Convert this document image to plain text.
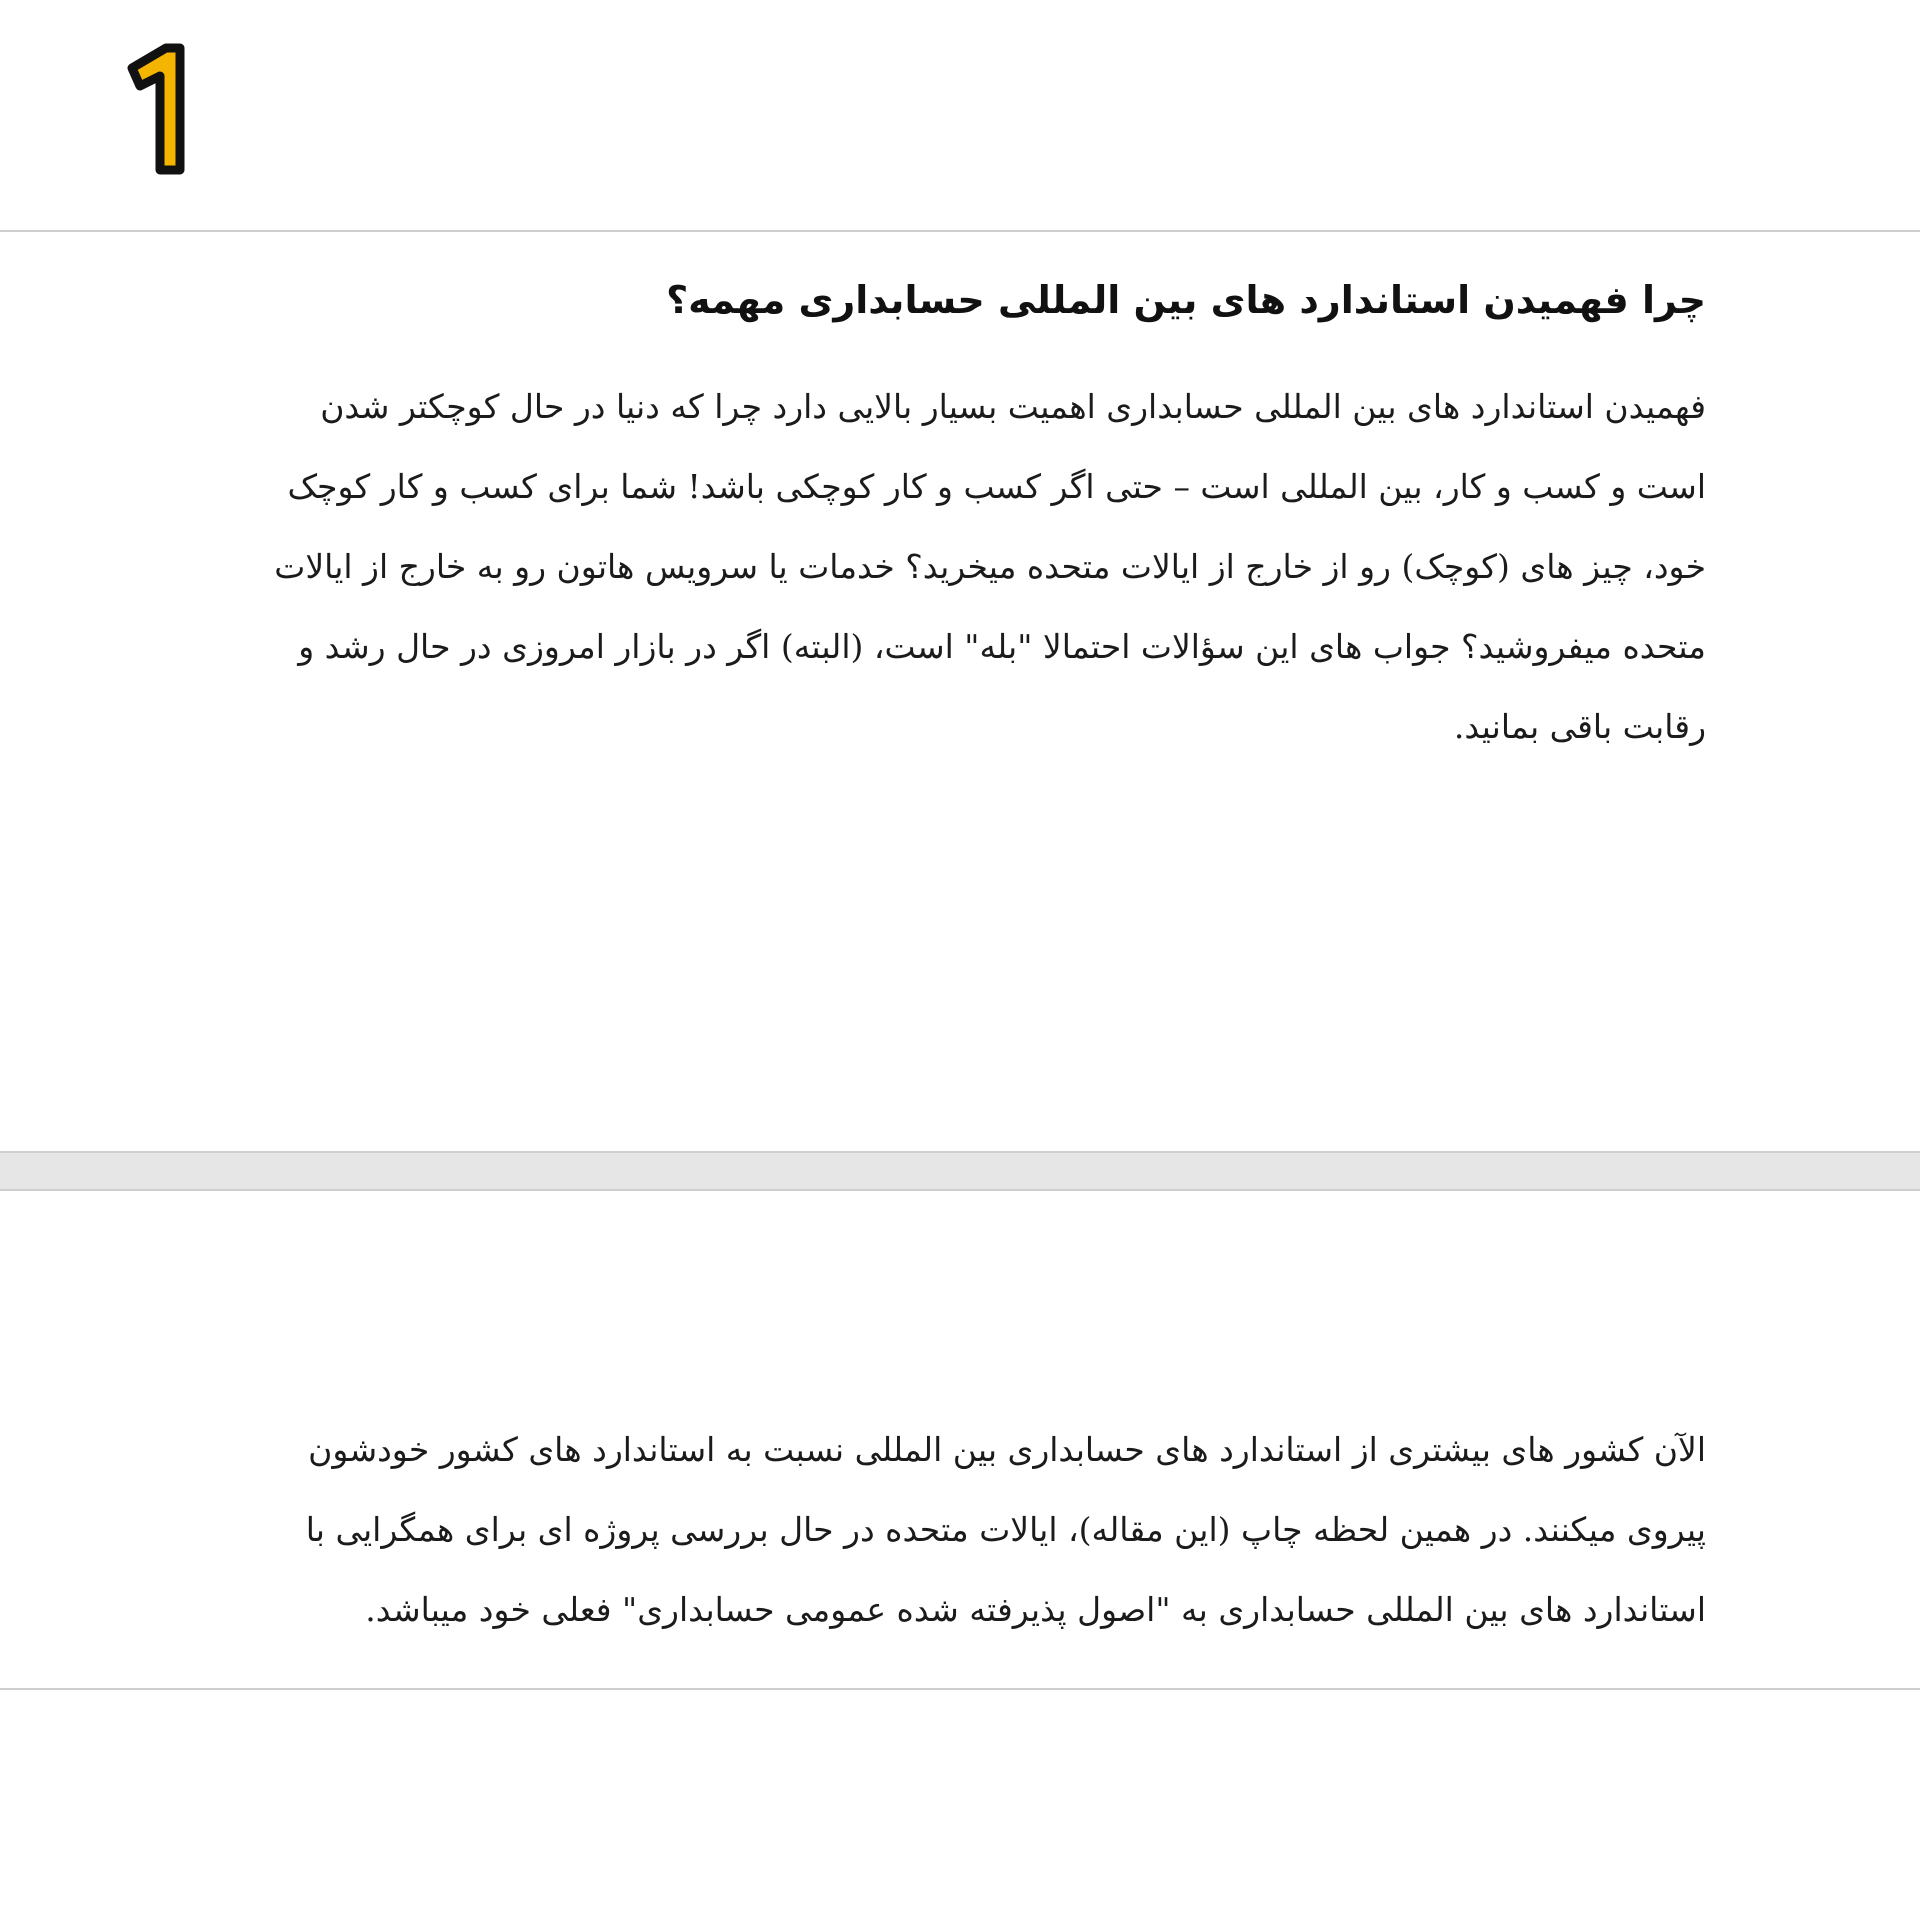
1
چرا فهمیدن استاندارد های بین المللی حسابداری مهمه؟

فهمیدن استاندارد های بین المللی حسابداری اهمیت بسیار بالایی دارد چرا که دنیا در حال کوچکتر شدن است و کسب و کار، بین المللی است – حتی اگر کسب و کار کوچکی باشد! شما برای کسب و کار کوچک خود، چیز های (کوچک) رو از خارج از ایالات متحده میخرید؟ خدمات یا سرویس هاتون رو به خارج از ایالات متحده میفروشید؟ جواب های این سؤالات احتمالا "بله" است، (البته) اگر در بازار امروزی در حال رشد و رقابت باقی بمانید.

الآن کشور های بیشتری از استاندارد های حسابداری بین المللی نسبت به استاندارد های کشور خودشون پیروی میکنند. در همین لحظه چاپ (این مقاله)، ایالات متحده در حال بررسی پروژه ای برای همگرایی با استاندارد های بین المللی حسابداری به "اصول پذیرفته شده عمومی حسابداری" فعلی خود میباشد.
